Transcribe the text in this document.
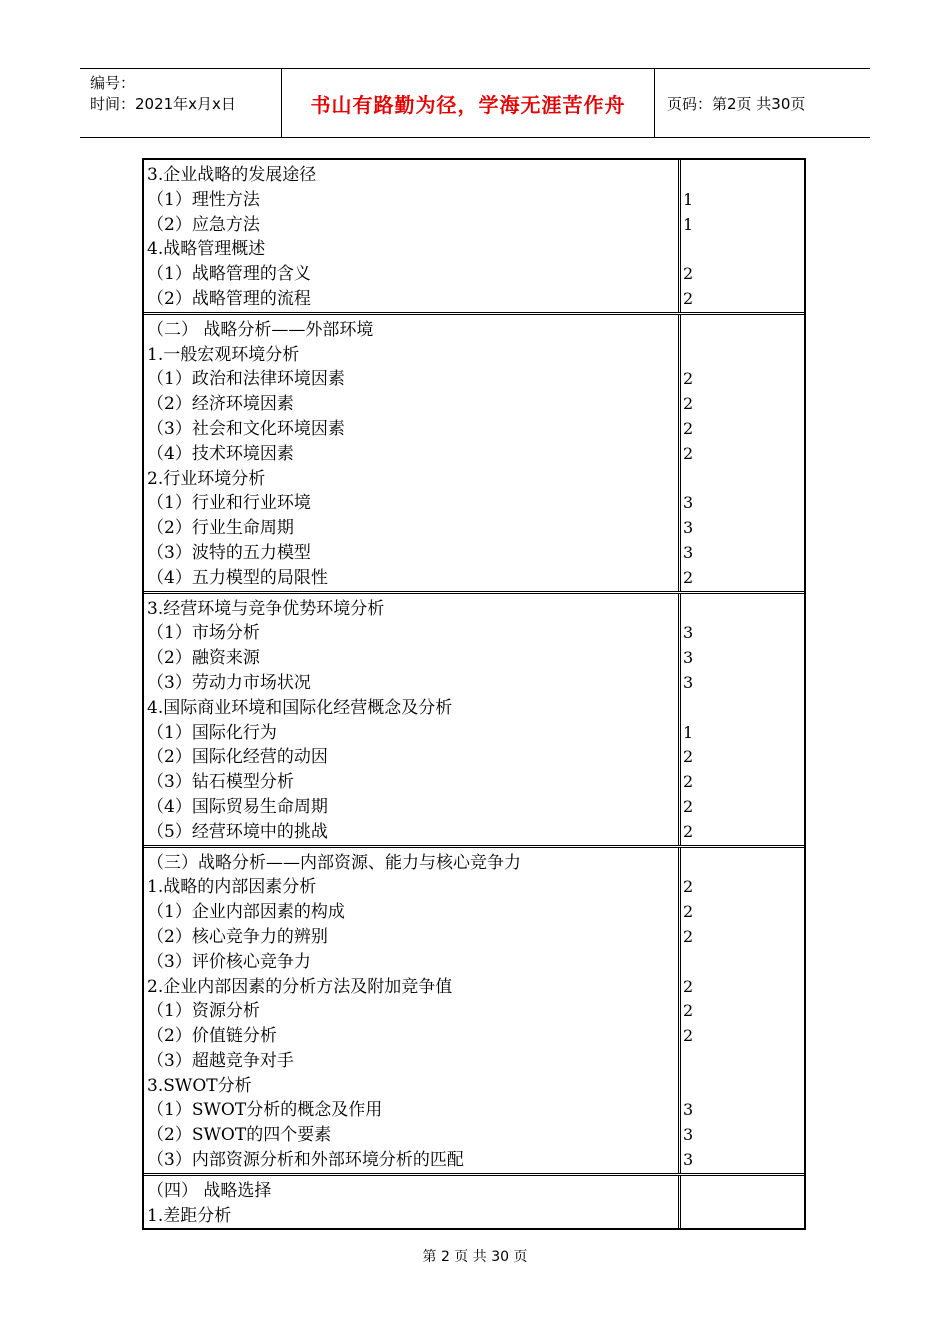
编号：
时间：2021年x月x日	书山有路勤为径，学海无涯苦作舟	页码：第2页 共30页
3.企业战略的发展途径
（1）理性方法
（2）应急方法
4.战略管理概述
（1）战略管理的含义
（2）战略管理的流程
1
1
2
2
（二） 战略分析——外部环境
1.一般宏观环境分析
（1）政治和法律环境因素
（2）经济环境因素
（3）社会和文化环境因素
（4）技术环境因素
2.行业环境分析
（1）行业和行业环境
（2）行业生命周期
（3）波特的五力模型
（4）五力模型的局限性
2
2
2
2
3
3
3
2
3.经营环境与竞争优势环境分析
（1）市场分析
（2）融资来源
（3）劳动力市场状况
4.国际商业环境和国际化经营概念及分析
（1）国际化行为
（2）国际化经营的动因
（3）钻石模型分析
（4）国际贸易生命周期
（5）经营环境中的挑战
3
3
3
1
2
2
2
2
（三）战略分析——内部资源、能力与核心竞争力
1.战略的内部因素分析
（1）企业内部因素的构成
（2）核心竞争力的辨别
（3）评价核心竞争力
2.企业内部因素的分析方法及附加竞争值
（1）资源分析
（2）价值链分析
（3）超越竞争对手
3.SWOT分析
（1）SWOT分析的概念及作用
（2）SWOT的四个要素
（3）内部资源分析和外部环境分析的匹配
2
2
2
2
2
2
3
3
3
（四） 战略选择
1.差距分析
第 2 页 共 30 页
